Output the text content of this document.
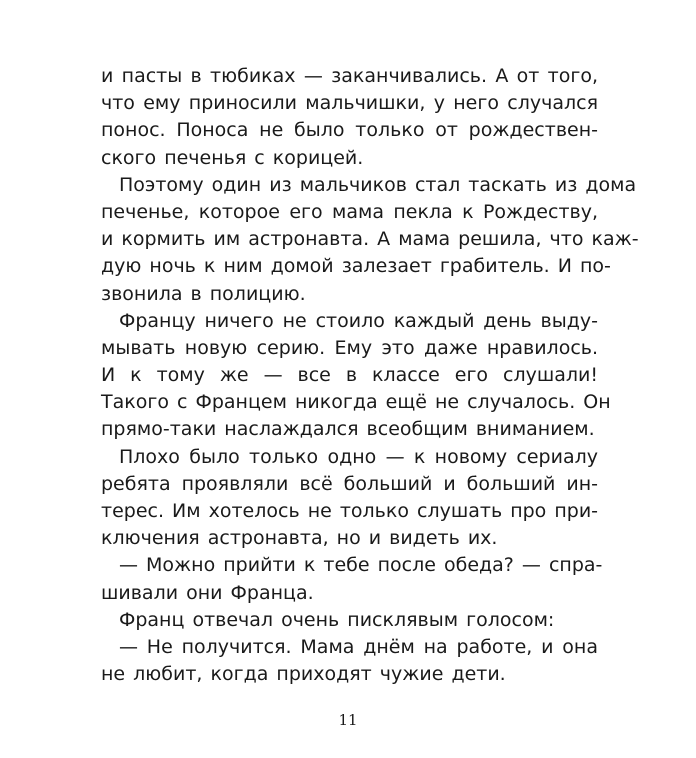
и пасты в тюбиках — заканчивались. А от того,
что ему приносили мальчишки, у него случался
понос. Поноса не было только от рождествен-
ского печенья с корицей.
Поэтому один из мальчиков стал таскать из дома
печенье, которое его мама пекла к Рождеству,
и кормить им астронавта. А мама решила, что каж-
дую ночь к ним домой залезает грабитель. И по-
звонила в полицию.
Францу ничего не стоило каждый день выду-
мывать новую серию. Ему это даже нравилось.
И к тому же — все в классе его слушали!
Такого с Францем никогда ещё не случалось. Он
прямо-таки наслаждался всеобщим вниманием.
Плохо было только одно — к новому сериалу
ребята проявляли всё больший и больший ин-
терес. Им хотелось не только слушать про при-
ключения астронавта, но и видеть их.
— Можно прийти к тебе после обеда? — спра-
шивали они Франца.
Франц отвечал очень писклявым голосом:
— Не получится. Мама днём на работе, и она
не любит, когда приходят чужие дети.
11
